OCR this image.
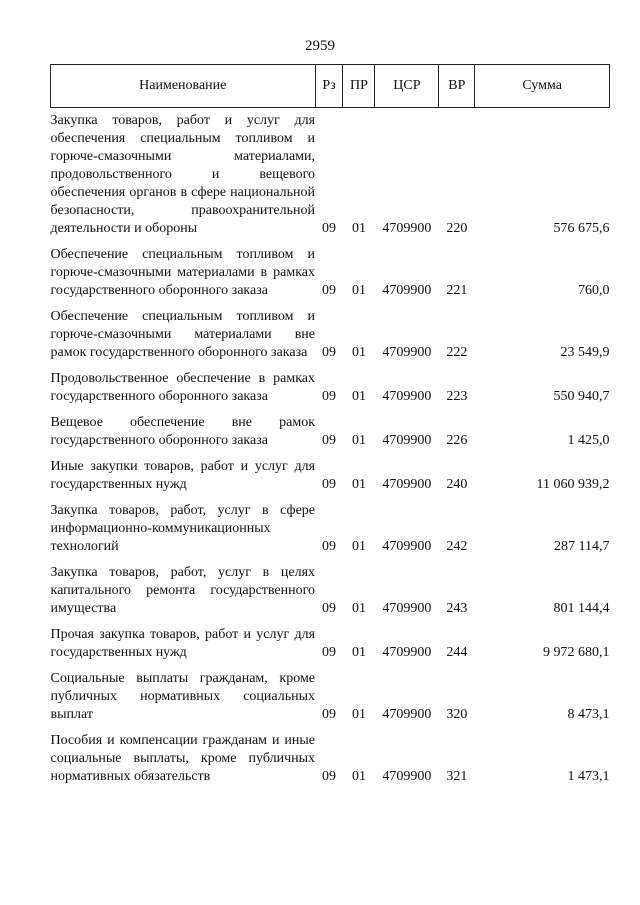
2959
Наименование	Рз	ПР	ЦСР	ВР	Сумма
Закупка товаров, работ и услуг для обеспечения специальным топливом и горюче-смазочными материалами, продовольственного и вещевого обеспечения органов в сфере национальной безопасности, правоохранительной деятельности и обороны	09	01	4709900	220	576 675,6
Обеспечение специальным топливом и горюче-смазочными материалами в рамках государственного оборонного заказа	09	01	4709900	221	760,0
Обеспечение специальным топливом и горюче-смазочными материалами вне рамок государственного оборонного заказа	09	01	4709900	222	23 549,9
Продовольственное обеспечение в рамках государственного оборонного заказа	09	01	4709900	223	550 940,7
Вещевое обеспечение вне рамок государственного оборонного заказа	09	01	4709900	226	1 425,0
Иные закупки товаров, работ и услуг для государственных нужд	09	01	4709900	240	11 060 939,2
Закупка товаров, работ, услуг в сфере информационно-коммуникационных технологий	09	01	4709900	242	287 114,7
Закупка товаров, работ, услуг в целях капитального ремонта государственного имущества	09	01	4709900	243	801 144,4
Прочая закупка товаров, работ и услуг для государственных нужд	09	01	4709900	244	9 972 680,1
Социальные выплаты гражданам, кроме публичных нормативных социальных выплат	09	01	4709900	320	8 473,1
Пособия и компенсации гражданам и иные социальные выплаты, кроме публичных нормативных обязательств	09	01	4709900	321	1 473,1
